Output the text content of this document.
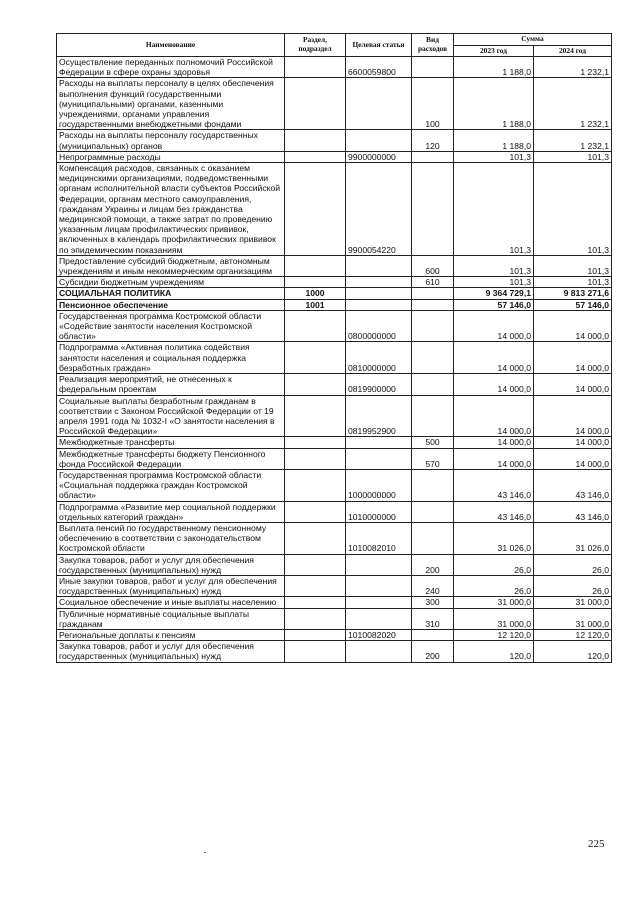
Наименование	Раздел, подраздел	Целевая статья	Вид расходов	Сумма	
				2023 год	2024 год
Осуществление переданных полномочий Российской Федерации в сфере охраны здоровья		6600059800		1 188,0	1 232,1
Расходы на выплаты персоналу в целях обеспечения выполнения функций государственными (муниципальными) органами, казенными учреждениями, органами управления государственными внебюджетными фондами			100	1 188,0	1 232,1
Расходы на выплаты персоналу государственных (муниципальных) органов			120	1 188,0	1 232,1
Непрограммные расходы		9900000000		101,3	101,3
Компенсация расходов, связанных с оказанием медицинскими организациями, подведомственными органам исполнительной власти субъектов Российской Федерации, органам местного самоуправления, гражданам Украины и лицам без гражданства медицинской помощи, а также затрат по проведению указанным лицам профилактических прививок, включенных в календарь профилактических прививок по эпидемическим показаниям		9900054220		101,3	101,3
Предоставление субсидий бюджетным, автономным учреждениям и иным некоммерческим организациям			600	101,3	101,3
Субсидии бюджетным учреждениям			610	101,3	101,3
СОЦИАЛЬНАЯ ПОЛИТИКА	1000			9 364 729,1	9 813 271,6
Пенсионное обеспечение	1001			57 146,0	57 146,0
Государственная программа Костромской области «Содействие занятости населения Костромской области»		0800000000		14 000,0	14 000,0
Подпрограмма «Активная политика содействия занятости населения и социальная поддержка безработных граждан»		0810000000		14 000,0	14 000,0
Реализация мероприятий, не отнесенных к федеральным проектам		0819900000		14 000,0	14 000,0
Социальные выплаты безработным гражданам в соответствии с Законом Российской Федерации от 19 апреля 1991 года № 1032-I «О занятости населения в Российской Федерации»		0819952900		14 000,0	14 000,0
Межбюджетные трансферты			500	14 000,0	14 000,0
Межбюджетные трансферты бюджету Пенсионного фонда Российской Федерации			570	14 000,0	14 000,0
Государственная программа Костромской области «Социальная поддержка граждан Костромской области»		1000000000		43 146,0	43 146,0
Подпрограмма «Развитие мер социальной поддержки отдельных категорий граждан»		1010000000		43 146,0	43 146,0
Выплата пенсий по государственному пенсионному обеспечению в соответствии с законодательством Костромской области		1010082010		31 026,0	31 026,0
Закупка товаров, работ и услуг для обеспечения государственных (муниципальных) нужд			200	26,0	26,0
Иные закупки товаров, работ и услуг для обеспечения государственных (муниципальных) нужд			240	26,0	26,0
Социальное обеспечение и иные выплаты населению			300	31 000,0	31 000,0
Публичные нормативные социальные выплаты гражданам			310	31 000,0	31 000,0
Региональные доплаты к пенсиям		1010082020		12 120,0	12 120,0
Закупка товаров, работ и услуг для обеспечения государственных (муниципальных) нужд			200	120,0	120,0
225
